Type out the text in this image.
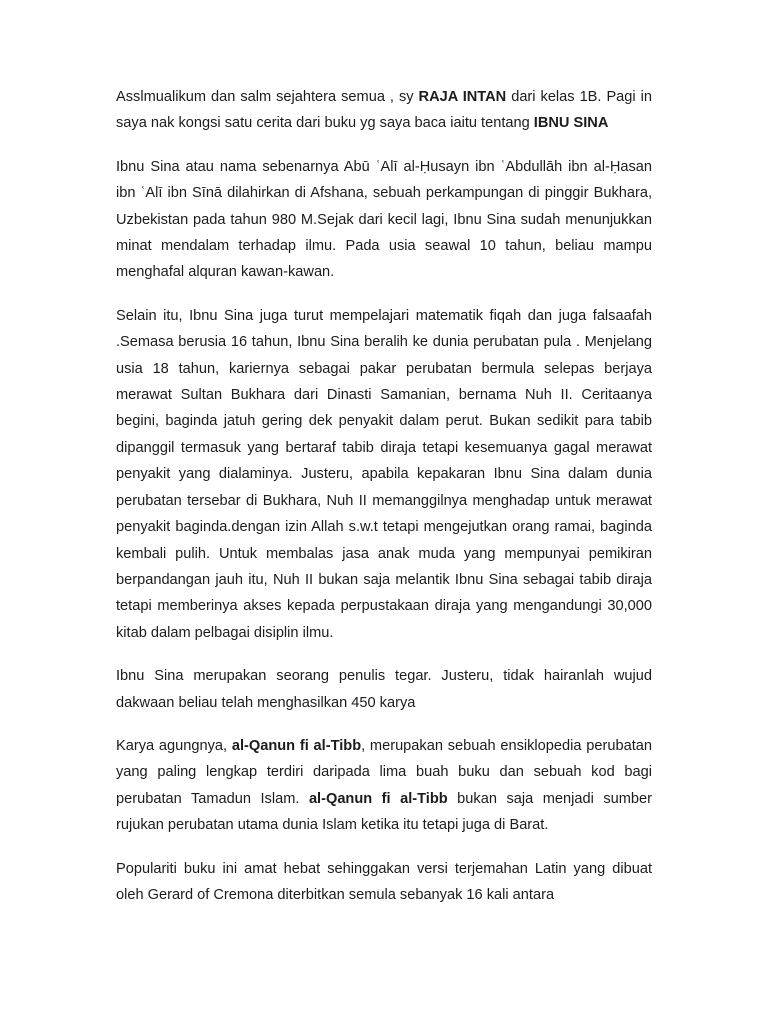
Asslmualikum dan salm sejahtera semua , sy RAJA INTAN dari kelas 1B. Pagi in saya nak kongsi satu cerita dari buku yg saya baca iaitu tentang IBNU SINA

Ibnu Sina atau nama sebenarnya Abū ʿAlī al-Ḥusayn ibn ʿAbdullāh ibn al-Ḥasan ibn ʿAlī ibn Sīnā dilahirkan di Afshana, sebuah perkampungan di pinggir Bukhara, Uzbekistan pada tahun 980 M.Sejak dari kecil lagi, Ibnu Sina sudah menunjukkan minat mendalam terhadap ilmu. Pada usia seawal 10 tahun, beliau mampu menghafal alquran kawan-kawan.

Selain itu, Ibnu Sina juga turut mempelajari matematik fiqah dan juga falsaafah .Semasa berusia 16 tahun, Ibnu Sina beralih ke dunia perubatan pula . Menjelang usia 18 tahun, kariernya sebagai pakar perubatan bermula selepas berjaya merawat Sultan Bukhara dari Dinasti Samanian, bernama Nuh II. Ceritaanya begini, baginda jatuh gering dek penyakit dalam perut. Bukan sedikit para tabib dipanggil termasuk yang bertaraf tabib diraja tetapi kesemuanya gagal merawat penyakit yang dialaminya. Justeru, apabila kepakaran Ibnu Sina dalam dunia perubatan tersebar di Bukhara, Nuh II memanggilnya menghadap untuk merawat penyakit baginda.dengan izin Allah s.w.t tetapi mengejutkan orang ramai, baginda kembali pulih. Untuk membalas jasa anak muda yang mempunyai pemikiran berpandangan jauh itu, Nuh II bukan saja melantik Ibnu Sina sebagai tabib diraja tetapi memberinya akses kepada perpustakaan diraja yang mengandungi 30,000 kitab dalam pelbagai disiplin ilmu.

Ibnu Sina merupakan seorang penulis tegar. Justeru, tidak hairanlah wujud dakwaan beliau telah menghasilkan 450 karya

Karya agungnya, al-Qanun fi al-Tibb, merupakan sebuah ensiklopedia perubatan yang paling lengkap terdiri daripada lima buah buku dan sebuah kod bagi perubatan Tamadun Islam. al-Qanun fi al-Tibb bukan saja menjadi sumber rujukan perubatan utama dunia Islam ketika itu tetapi juga di Barat.

Populariti buku ini amat hebat sehinggakan versi terjemahan Latin yang dibuat oleh Gerard of Cremona diterbitkan semula sebanyak 16 kali antara
